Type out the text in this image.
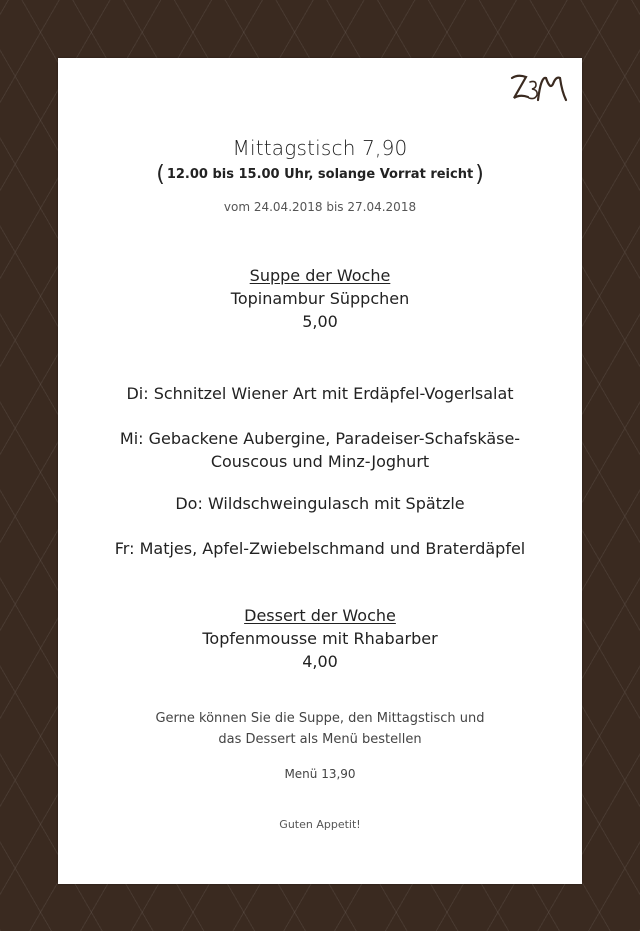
Z3M
Mittagstisch 7,90
( 12.00 bis 15.00 Uhr, solange Vorrat reicht)
vom 24.04.2018 bis 27.04.2018
Suppe der Woche
Topinambur Süppchen
5,00
Di: Schnitzel Wiener Art mit Erdäpfel-Vogerlsalat
Mi: Gebackene Aubergine, Paradeiser-Schafskäse-
Couscous und Minz-Joghurt
Do: Wildschweingulasch mit Spätzle
Fr: Matjes, Apfel-Zwiebelschmand und Braterdäpfel
Dessert der Woche
Topfenmousse mit Rhabarber
4,00
Gerne können Sie die Suppe, den Mittagstisch und
das Dessert als Menü bestellen
Menü 13,90
Guten Appetit!
